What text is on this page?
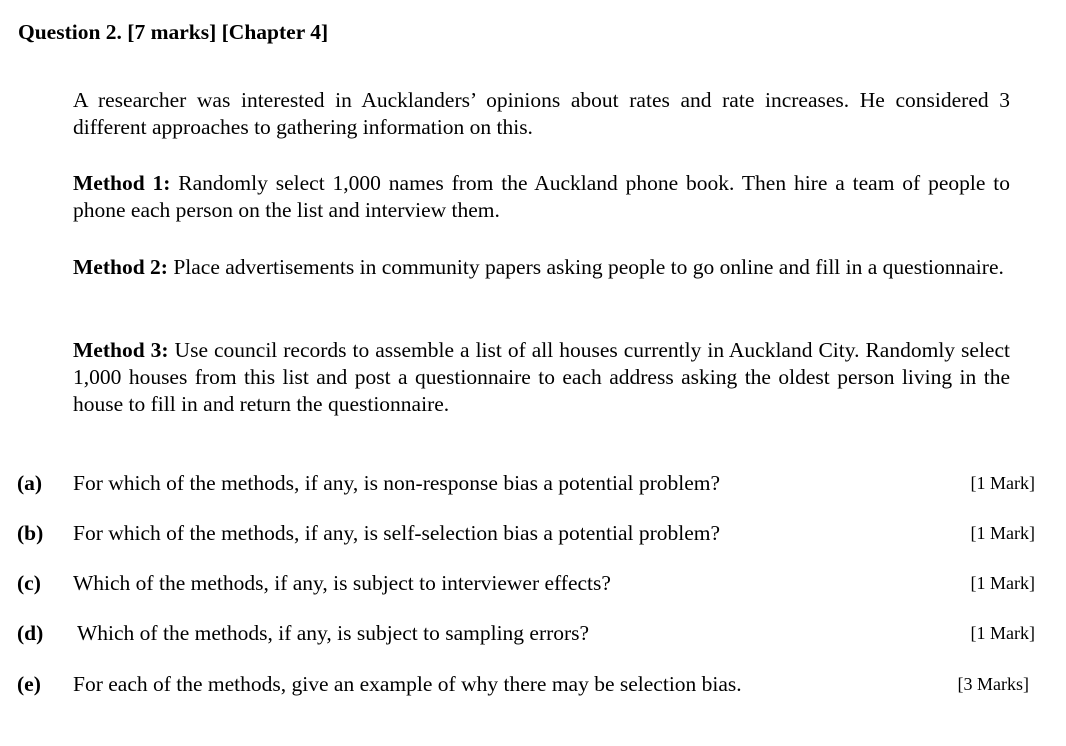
Question 2. [7 marks] [Chapter 4]

A researcher was interested in Aucklanders’ opinions about rates and rate increases. He considered 3 different approaches to gathering information on this.

Method 1: Randomly select 1,000 names from the Auckland phone book. Then hire a team of people to phone each person on the list and interview them.

Method 2: Place advertisements in community papers asking people to go online and fill in a questionnaire.

Method 3: Use council records to assemble a list of all houses currently in Auckland City. Randomly select 1,000 houses from this list and post a questionnaire to each address asking the oldest person living in the house to fill in and return the questionnaire.

(a) For which of the methods, if any, is non-response bias a potential problem?	[1 Mark]
(b) For which of the methods, if any, is self-selection bias a potential problem?	[1 Mark]
(c) Which of the methods, if any, is subject to interviewer effects?	[1 Mark]
(d) Which of the methods, if any, is subject to sampling errors?	[1 Mark]
(e) For each of the methods, give an example of why there may be selection bias.	[3 Marks]
